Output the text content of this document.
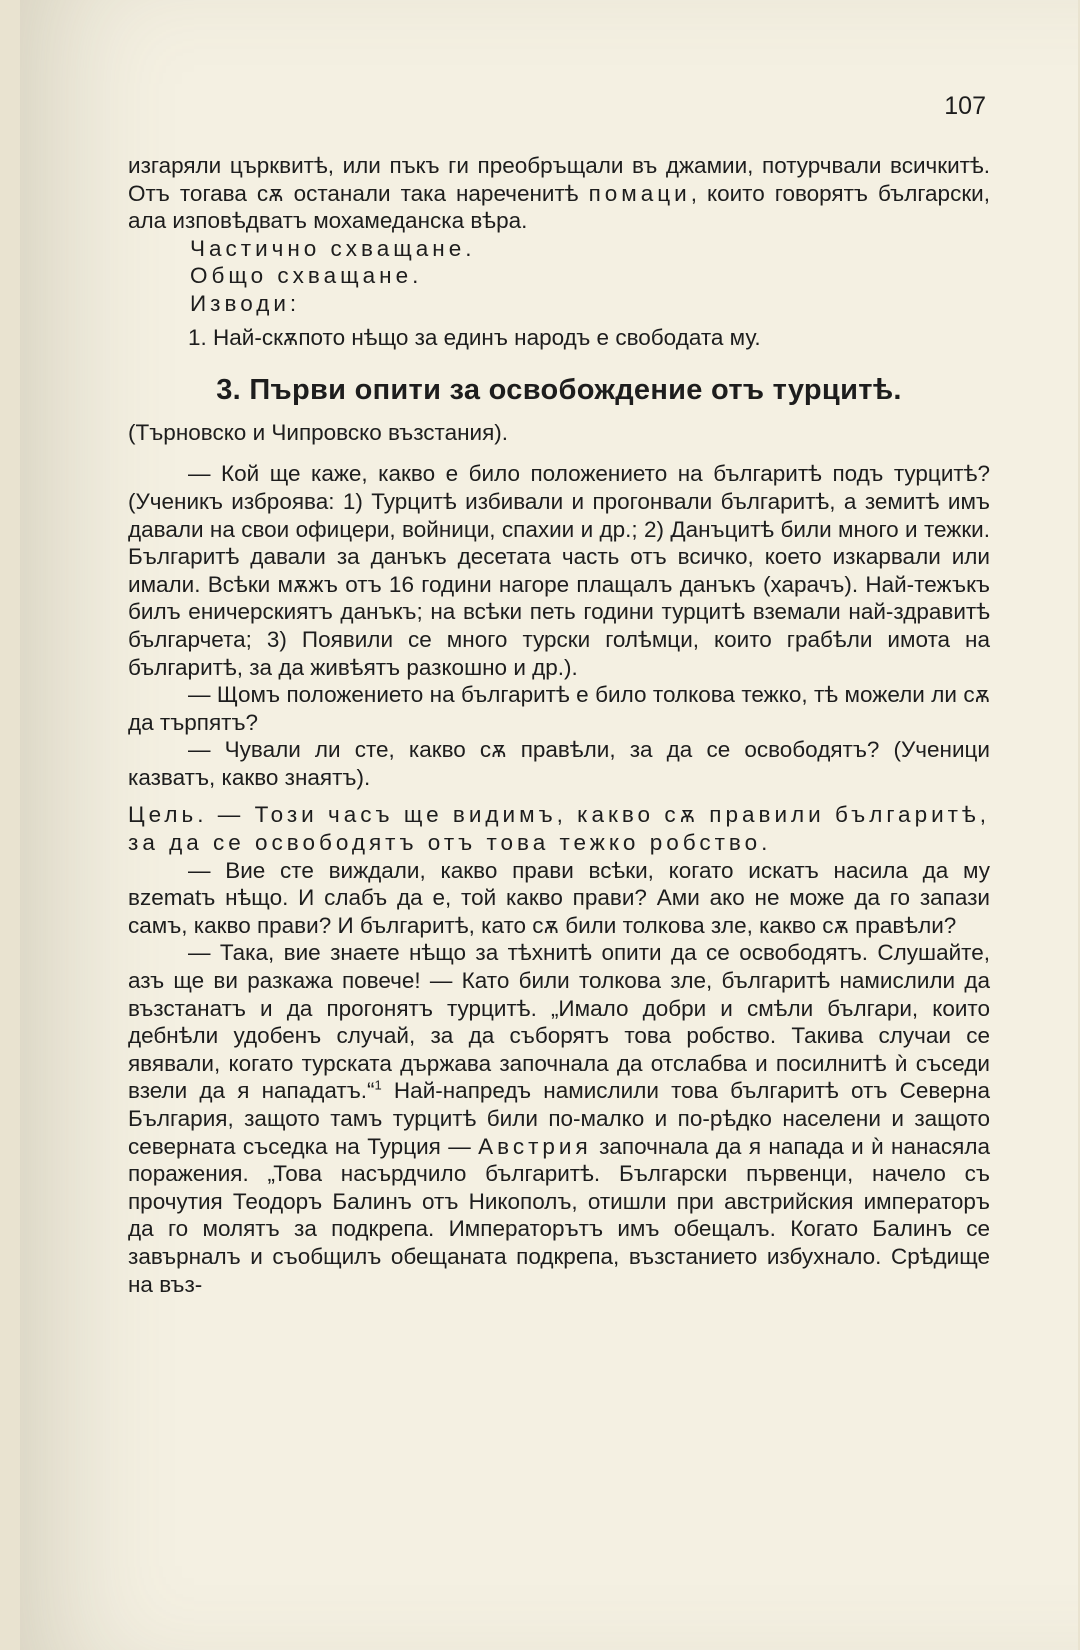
107

изгаряли църквитѣ, или пъкъ ги преобръщали въ джамии, потурчвали всичкитѣ. Отъ тогава сѫ останали така нареченитѣ помаци, които говорятъ български, ала изповѣдватъ мохамеданска вѣра.

Частично схващане.

Общо схващане.

Изводи:

1. Най-скѫпото нѣщо за единъ народъ е свободата му.

3. Първи опити за освобождение отъ турцитѣ.

(Търновско и Чипровско възстания).

— Кой ще каже, какво е било положението на българитѣ подъ турцитѣ? (Ученикъ изброява: 1) Турцитѣ избивали и прогонвали българитѣ, а земитѣ имъ давали на свои офицери, войници, спахии и др.; 2) Данъцитѣ били много и тежки. Българитѣ давали за данъкъ десетата часть отъ всичко, което изкарвали или имали. Всѣки мѫжъ отъ 16 години нагоре плащалъ данъкъ (харачъ). Най-тежъкъ билъ еничерскиятъ данъкъ; на всѣки петь години турцитѣ вземали най-здравитѣ българчета; 3) Появили се много турски голѣмци, които грабѣли имота на българитѣ, за да живѣятъ разкошно и др.).

— Щомъ положението на българитѣ е било толкова тежко, тѣ можели ли сѫ да търпятъ?

— Чували ли сте, какво сѫ правѣли, за да се освободятъ? (Ученици казватъ, какво знаятъ).

Цель. — Този часъ ще видимъ, какво сѫ правили българитѣ, за да се освободятъ отъ това тежко робство.

— Вие сте виждали, какво прави всѣки, когато искатъ насила да му вzematъ нѣщо. И слабъ да е, той какво прави? Ами ако не може да го запази самъ, какво прави? И българитѣ, като сѫ били толкова зле, какво сѫ правѣли?

— Така, вие знаете нѣщо за тѣхнитѣ опити да се освободятъ. Слушайте, азъ ще ви разкажа повече! — Като били толкова зле, българитѣ намислили да възстанатъ и да прогонятъ турцитѣ. „Имало добри и смѣли българи, които дебнѣли удобенъ случай, за да съборятъ това робство. Такива случаи се явявали, когато турската държава започнала да отслабва и посилнитѣ ѝ съседи взели да я нападатъ.“$^1$ Най-напредъ намислили това българитѣ отъ Северна България, защото тамъ турцитѣ били по-малко и по-рѣдко населени и защото северната съседка на Турция — Австрия започнала да я напада и ѝ нанасяла поражения. „Това насърдчило българитѣ. Български първенци, начело съ прочутия Теодоръ Балинъ отъ Никополъ, отишли при австрийския императоръ да го молятъ за подкрепа. Императорътъ имъ обещалъ. Когато Балинъ се завърналъ и съобщилъ обещаната подкрепа, възстанието избухнало. Срѣдище на въз-
